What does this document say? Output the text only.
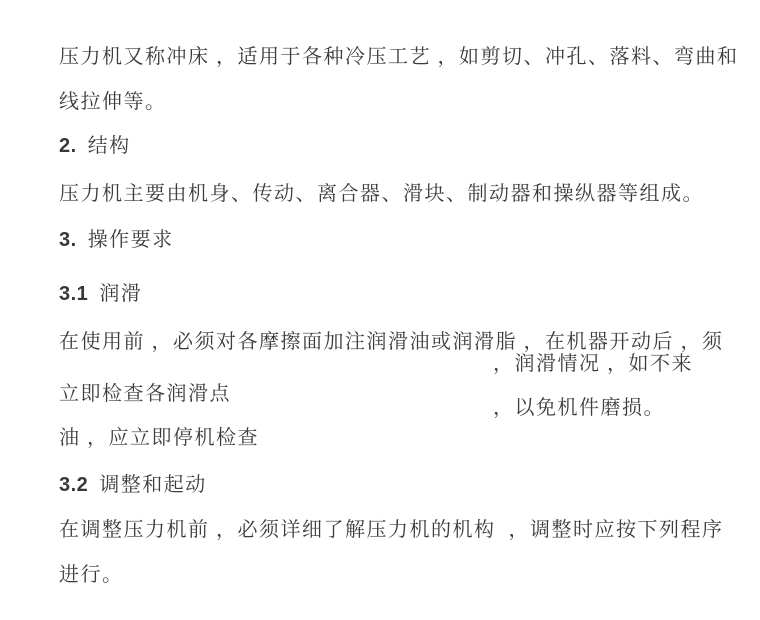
压力机又称冲床 ，适用于各种冷压工艺 ，如剪切、冲孔、落料、弯曲和

线拉伸等。

2. 结构

压力机主要由机身、传动、离合器、滑块、制动器和操纵器等组成。

3. 操作要求

3.1 润滑

在使用前 ，必须对各摩擦面加注润滑油或润滑脂 ，在机器开动后 ，须

立即检查各润滑点

，润滑情况 ，如不来

油 ，应立即停机检查

，以免机件磨损。

3.2 调整和起动

在调整压力机前 ，必须详细了解压力机的机构  ，调整时应按下列程序

进行。
